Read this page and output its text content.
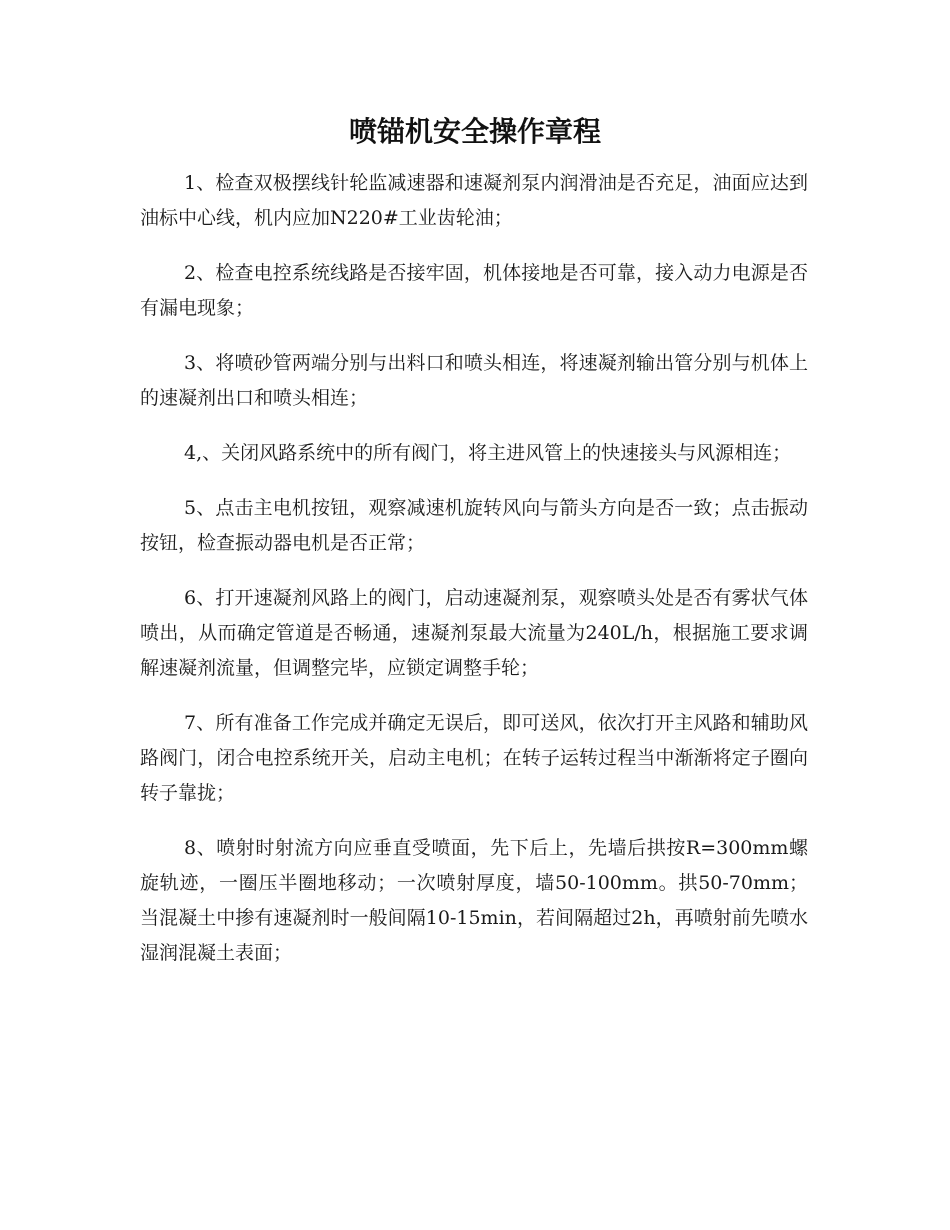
喷锚机安全操作章程

1、检查双极摆线针轮监减速器和速凝剂泵内润滑油是否充足，油面应达到油标中心线，机内应加N220#工业齿轮油；

2、检查电控系统线路是否接牢固，机体接地是否可靠，接入动力电源是否有漏电现象；

3、将喷砂管两端分别与出料口和喷头相连，将速凝剂输出管分别与机体上的速凝剂出口和喷头相连；

4,、关闭风路系统中的所有阀门，将主进风管上的快速接头与风源相连；

5、点击主电机按钮，观察减速机旋转风向与箭头方向是否一致；点击振动按钮，检查振动器电机是否正常；

6、打开速凝剂风路上的阀门，启动速凝剂泵，观察喷头处是否有雾状气体喷出，从而确定管道是否畅通，速凝剂泵最大流量为240L/h，根据施工要求调解速凝剂流量，但调整完毕，应锁定调整手轮；

7、所有准备工作完成并确定无误后，即可送风，依次打开主风路和辅助风路阀门，闭合电控系统开关，启动主电机；在转子运转过程当中渐渐将定子圈向转子靠拢；

8、喷射时射流方向应垂直受喷面，先下后上，先墙后拱按R=300mm螺旋轨迹，一圈压半圈地移动；一次喷射厚度，墙50-100mm。拱50-70mm；当混凝土中掺有速凝剂时一般间隔10-15min，若间隔超过2h，再喷射前先喷水湿润混凝土表面；
